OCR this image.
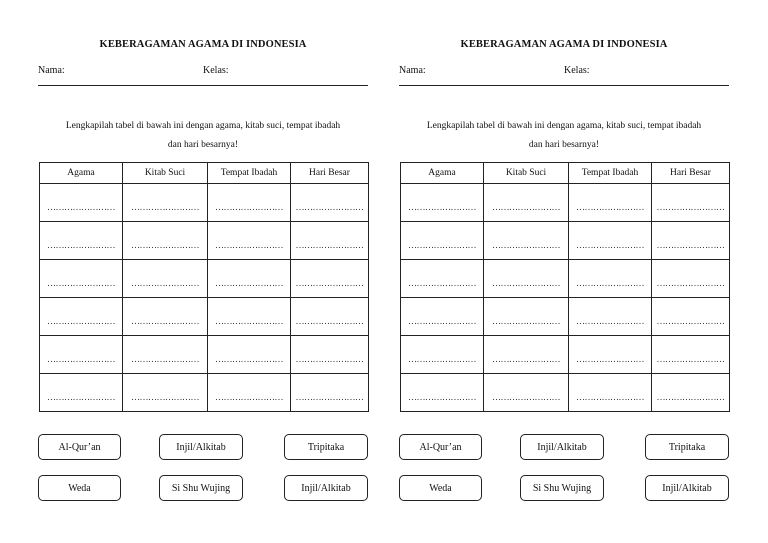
KEBERAGAMAN AGAMA DI INDONESIA
Nama:	Kelas:
Lengkapilah tabel di bawah ini dengan agama, kitab suci, tempat ibadah
dan hari besarnya!
Agama	Kitab Suci	Tempat Ibadah	Hari Besar
……………………	……………………	……………………	……………………
……………………	……………………	……………………	……………………
……………………	……………………	……………………	……………………
……………………	……………………	……………………	……………………
……………………	……………………	……………………	……………………
……………………	……………………	……………………	……………………
Al-Qur’an	Injil/Alkitab	Tripitaka
Weda	Si Shu Wujing	Injil/Alkitab
KEBERAGAMAN AGAMA DI INDONESIA
Nama:	Kelas:
Lengkapilah tabel di bawah ini dengan agama, kitab suci, tempat ibadah
dan hari besarnya!
Agama	Kitab Suci	Tempat Ibadah	Hari Besar
……………………	……………………	……………………	……………………
……………………	……………………	……………………	……………………
……………………	……………………	……………………	……………………
……………………	……………………	……………………	……………………
……………………	……………………	……………………	……………………
……………………	……………………	……………………	……………………
Al-Qur’an	Injil/Alkitab	Tripitaka
Weda	Si Shu Wujing	Injil/Alkitab
